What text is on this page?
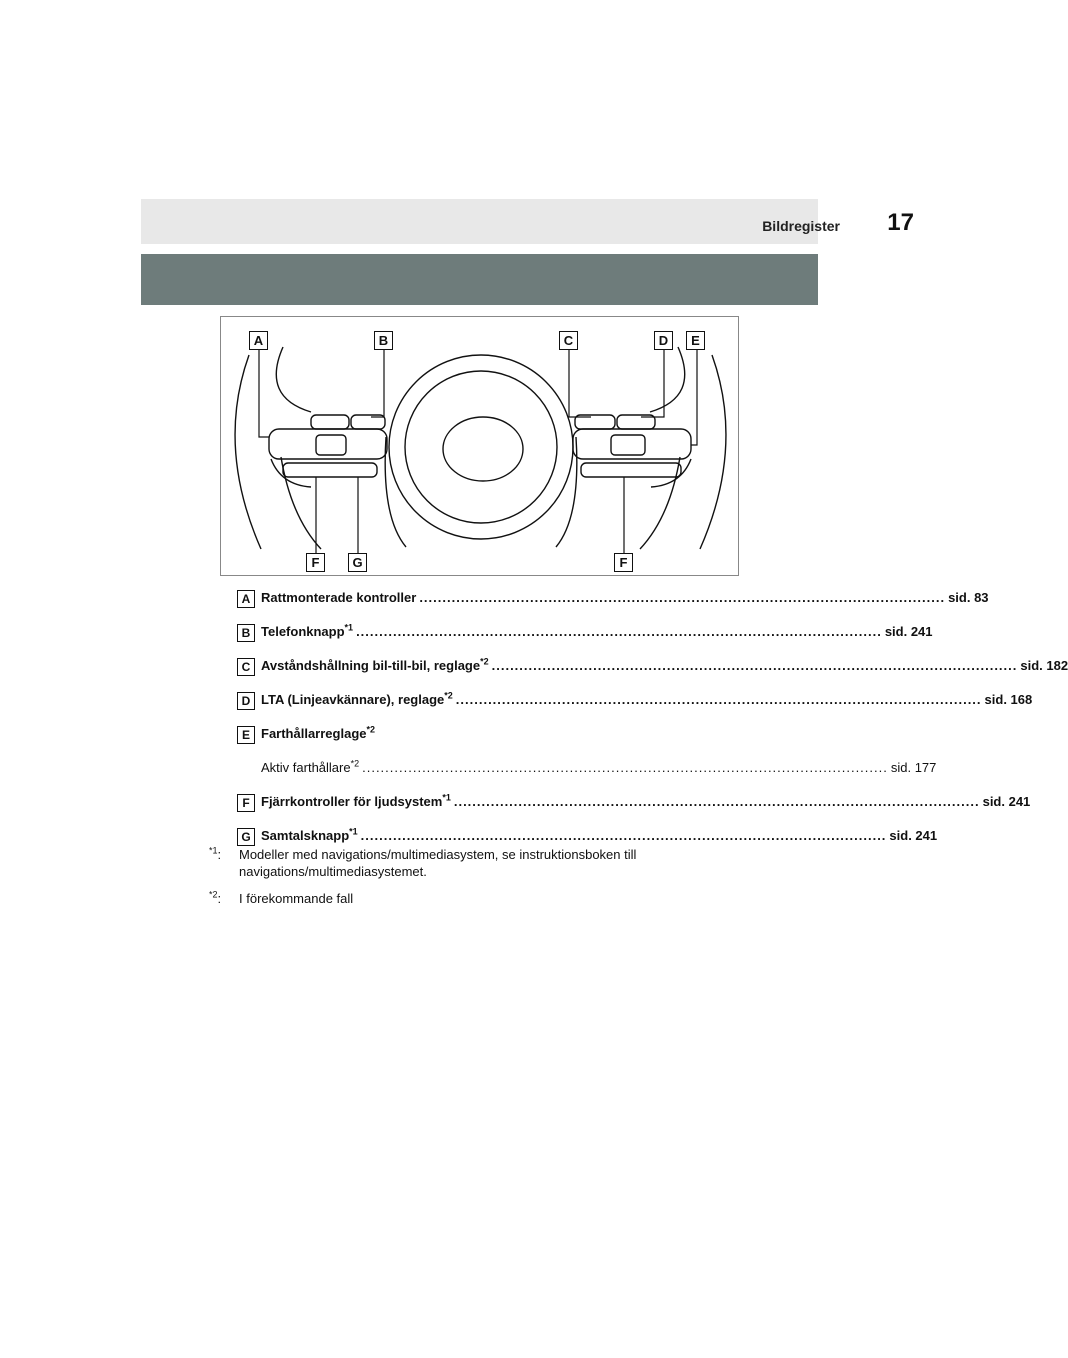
Bildregister 17
A	B	C	D	E
F	G	F
A Rattmonterade kontroller .................................................................................................................. sid. 83
B Telefonknapp$^{*1}$ .................................................................................................................. sid. 241
C Avståndshållning bil-till-bil, reglage$^{*2}$ .................................................................................................................. sid. 182
D LTA (Linjeavkännare), reglage$^{*2}$ .................................................................................................................. sid. 168
E Farthållarreglage$^{*2}$
Aktiv farthållare$^{*2}$ .................................................................................................................. sid. 177
F Fjärrkontroller för ljudsystem$^{*1}$ .................................................................................................................. sid. 241
G Samtalsknapp$^{*1}$ .................................................................................................................. sid. 241
$^{*1}$:	Modeller med navigations/multimediasystem, se instruktionsboken till navigations/multimediasystemet.
$^{*2}$:	I förekommande fall
